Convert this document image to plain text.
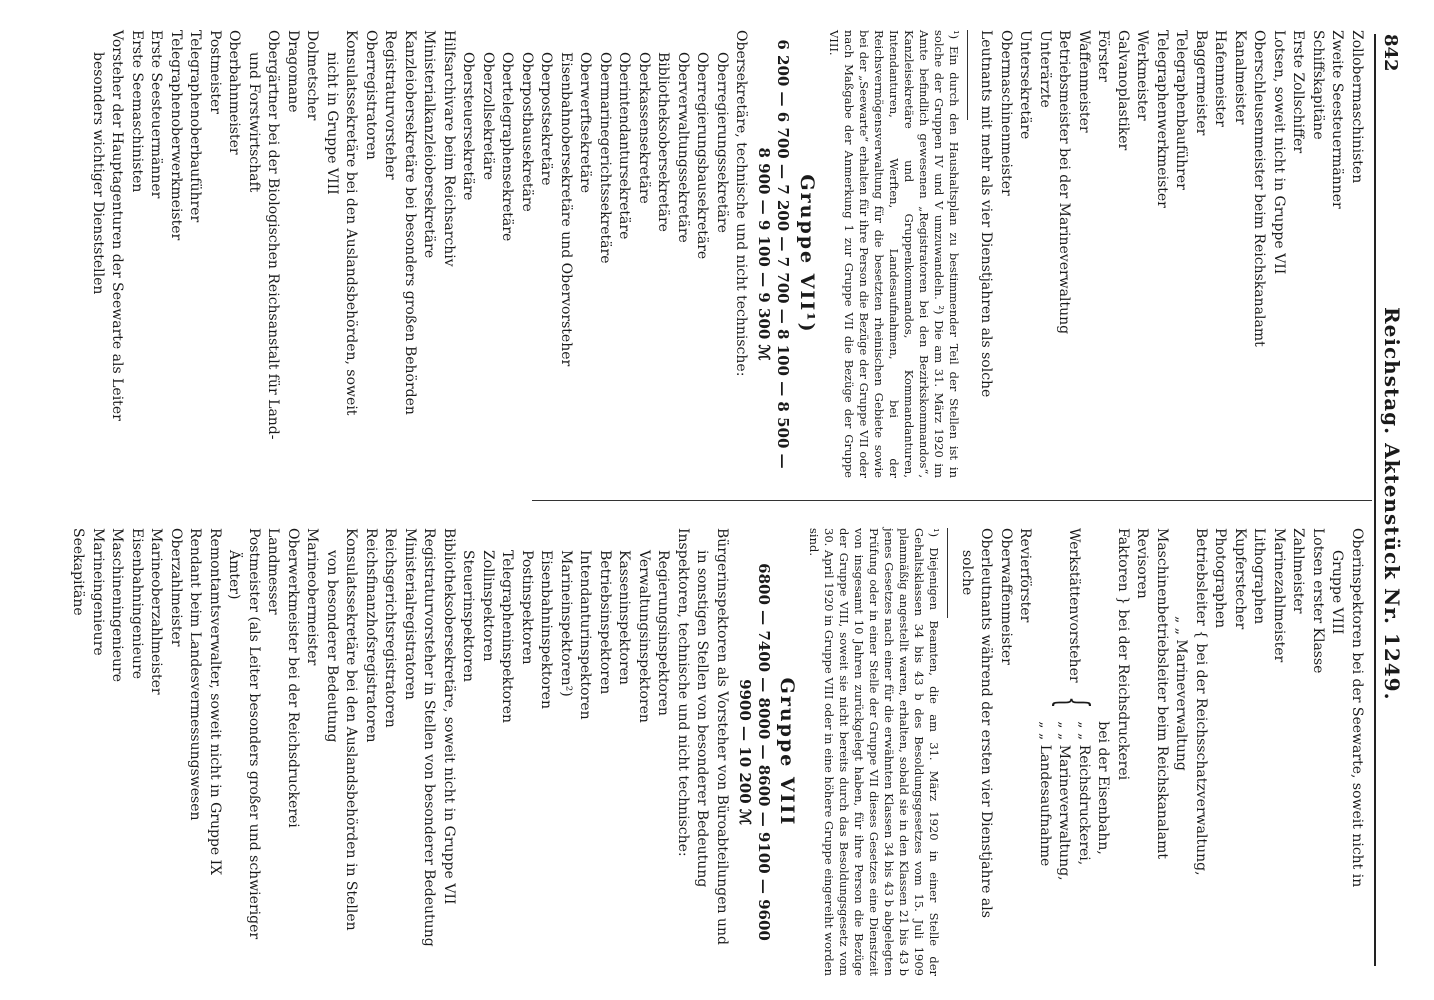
842
Reichstag. Aktenstück Nr. 1249.

Zollobermaschinisten

Zweite Seesteuermänner

Schiffskapitäne

Erste Zollschiffer

Lotsen, soweit nicht in Gruppe VII

Oberschleusenmeister beim Reichskanalamt

Kanalmeister

Hafenmeister

Baggermeister

Telegraphenbauführer

Telegraphenwerkmeister

Werkmeister

Galvanoplastiker

Förster

Waffenmeister

Betriebsmeister bei der Marineverwaltung

Unterärzte

Untersekretäre

Obermaschinenmeister

Leutnants mit mehr als vier Dienstjahren als solche

¹) Ein durch den Haushaltsplan zu bestimmender Teil der Stellen ist in solche der Gruppen IV und V umzuwandeln. ²) Die am 31. März 1920 im Amte befindlich gewesenen „Registratoren bei den Bezirkskommandos“, Kanzleisekretäre und Gruppenkommandos, Kommandanturen, Intendanturen, Werften, Landesaufnahmen, bei der Reichsvermögensverwaltung für die besetzten rheinischen Gebiete sowie bei der „Seewarte“ erhalten für ihre Person die Bezüge der Gruppe VII oder nach Maßgabe der Anmerkung 1 zur Gruppe VII die Bezüge der Gruppe VIII.

Gruppe VII¹)
6 200 — 6 700 — 7 200 — 7 700 — 8 100 — 8 500 —
8 900 — 9 100 — 9 300 ℳ

Obersekretäre, technische und nicht technische:

Oberregierungssekretäre

Oberregierungsbausekretäre

Oberverwaltungssekretäre

Bibliotheksobersekretäre

Oberkassensekretäre

Oberintendantursekretäre

Obermarinegerichtssekretäre

Oberwerftsekretäre

Eisenbahnobersekretäre und Obervorsteher

Oberpostsekretäre

Oberpostbausekretäre

Obertelegraphensekretäre

Oberzollsekretäre

Obersteuersekretäre

Hilfsarchivare beim Reichsarchiv

Ministerialkanzleiobersekretäre

Kanzleiobersekretäre bei besonders großen Behörden

Registraturvorsteher

Oberregistratoren

Konsulatssekretäre bei den Auslandsbehörden, soweit

nicht in Gruppe VIII

Dolmetscher

Dragomane

Obergärtner bei der Biologischen Reichsanstalt für Land-

und Forstwirtschaft

Oberbahnmeister

Postmeister

Telegraphenoberbauführer

Telegraphenoberwerkmeister

Erste Seesteuermänner

Erste Seemaschinisten

Vorsteher der Hauptagenturen der Seewarte als Leiter

besonders wichtiger Dienststellen

Oberinspektoren bei der Seewarte, soweit nicht in

Gruppe VIII

Lotsen erster Klasse

Zahlmeister

Marinezahlmeister

Lithographen

Kupferstecher

Photographen

Betriebsleiter { bei der Reichsschatzverwaltung,

„ „ Marineverwaltung

Maschinenbetriebsleiter beim Reichskanalamt

Revisoren

Faktoren } bei der Reichsdruckerei

Werkstättenvorsteher
{
bei der Eisenbahn,
„ „ Reichsdruckerei,
„ „ Marineverwaltung,
„ „ Landesaufnahme

Revierförster

Oberwaffenmeister

Oberleutnants während der ersten vier Dienstjahre als

solche

¹) Diejenigen Beamten, die am 31. März 1920 in einer Stelle der Gehaltsklassen 34 bis 43 b des Besoldungsgesetzes vom 15. Juli 1909 planmäßig angestellt waren, erhalten, sobald sie in den Klassen 21 bis 43 b jenes Gesetzes nach einer für die erwähnten Klassen 34 bis 43 b abgelegten Prüfung oder in einer Stelle der Gruppe VII dieses Gesetzes eine Dienstzeit von insgesamt 10 Jahren zurückgelegt haben, für ihre Person die Bezüge der Gruppe VIII, soweit sie nicht bereits durch das Besoldungsgesetz vom 30. April 1920 in Gruppe VIII oder in eine höhere Gruppe eingereiht worden sind.

Gruppe VIII
6800 — 7400 — 8000 — 8600 — 9100 — 9600
9900 — 10 200 ℳ

Bürgerinspektoren als Vorsteher von Büroabteilungen und

in sonstigen Stellen von besonderer Bedeutung

Inspektoren, technische und nicht technische:

Regierungsinspektoren

Verwaltungsinspektoren

Kasseninspektoren

Betriebsinspektoren

Intendanturinspektoren

Marineinspektoren²)

Eisenbahninspektoren

Postinspektoren

Telegrapheninspektoren

Zollinspektoren

Steuerinspektoren

Bibliotheksobersekretäre, soweit nicht in Gruppe VII

Registraturvorsteher in Stellen von besonderer Bedeutung

Ministerialregistratoren

Reichsgerichtsregistratoren

Reichsfinanzhofsregistratoren

Konsulatssekretäre bei den Auslandsbehörden in Stellen

von besonderer Bedeutung

Marineobermeister

Oberwerkmeister bei der Reichsdruckerei

Landmesser

Postmeister (als Leiter besonders großer und schwieriger

Ämter)

Remontamtsverwalter, soweit nicht in Gruppe IX

Rendant beim Landesvermessungswesen

Oberzahlmeister

Marineoberzahlmeister

Eisenbahningenieure

Maschineningenieure

Marineingenieure

Seekapitäne
